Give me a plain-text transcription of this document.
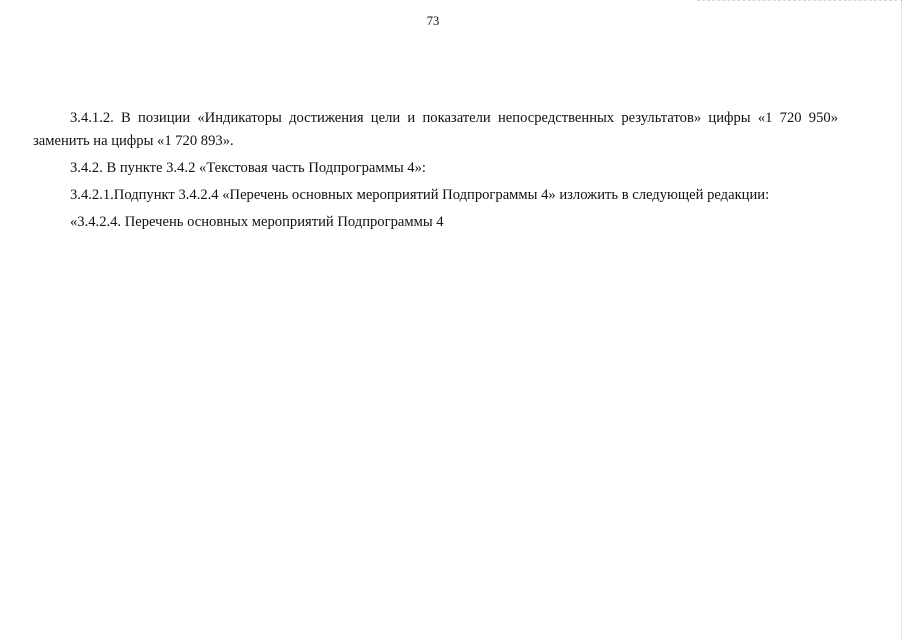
73

3.4.1.2. В позиции «Индикаторы достижения цели и показатели непосредственных результатов» цифры «1 720 950» заменить на цифры «1 720 893».

3.4.2. В пункте 3.4.2 «Текстовая часть Подпрограммы 4»:

3.4.2.1.Подпункт 3.4.2.4 «Перечень основных мероприятий Подпрограммы 4» изложить в следующей редакции:

«3.4.2.4. Перечень основных мероприятий Подпрограммы 4
